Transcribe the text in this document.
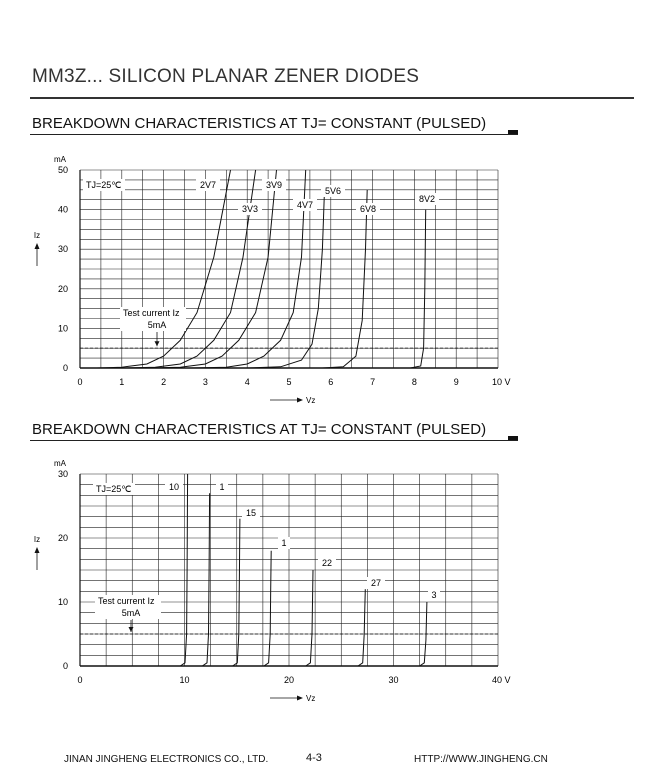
MM3Z... SILICON PLANAR ZENER DIODES
BREAKDOWN CHARACTERISTICS AT TJ= CONSTANT (PULSED)
0	1	2	3	4	5	6	7	8	9	10 V
0
10
20
30
40
50
mA
Iz
Vz
2V7
3V3
3V9
4V7
5V6
6V8
8V2
TJ=25℃
Test current Iz
5mA
BREAKDOWN CHARACTERISTICS AT TJ= CONSTANT (PULSED)
0	10	20	30	40 V
0
10
20
30
mA
Iz
Vz
10	1
15
1
22
27
3
TJ=25℃
Test current Iz
5mA
JINAN JINGHENG ELECTRONICS CO., LTD.	4-3	HTTP://WWW.JINGHENG.CN
